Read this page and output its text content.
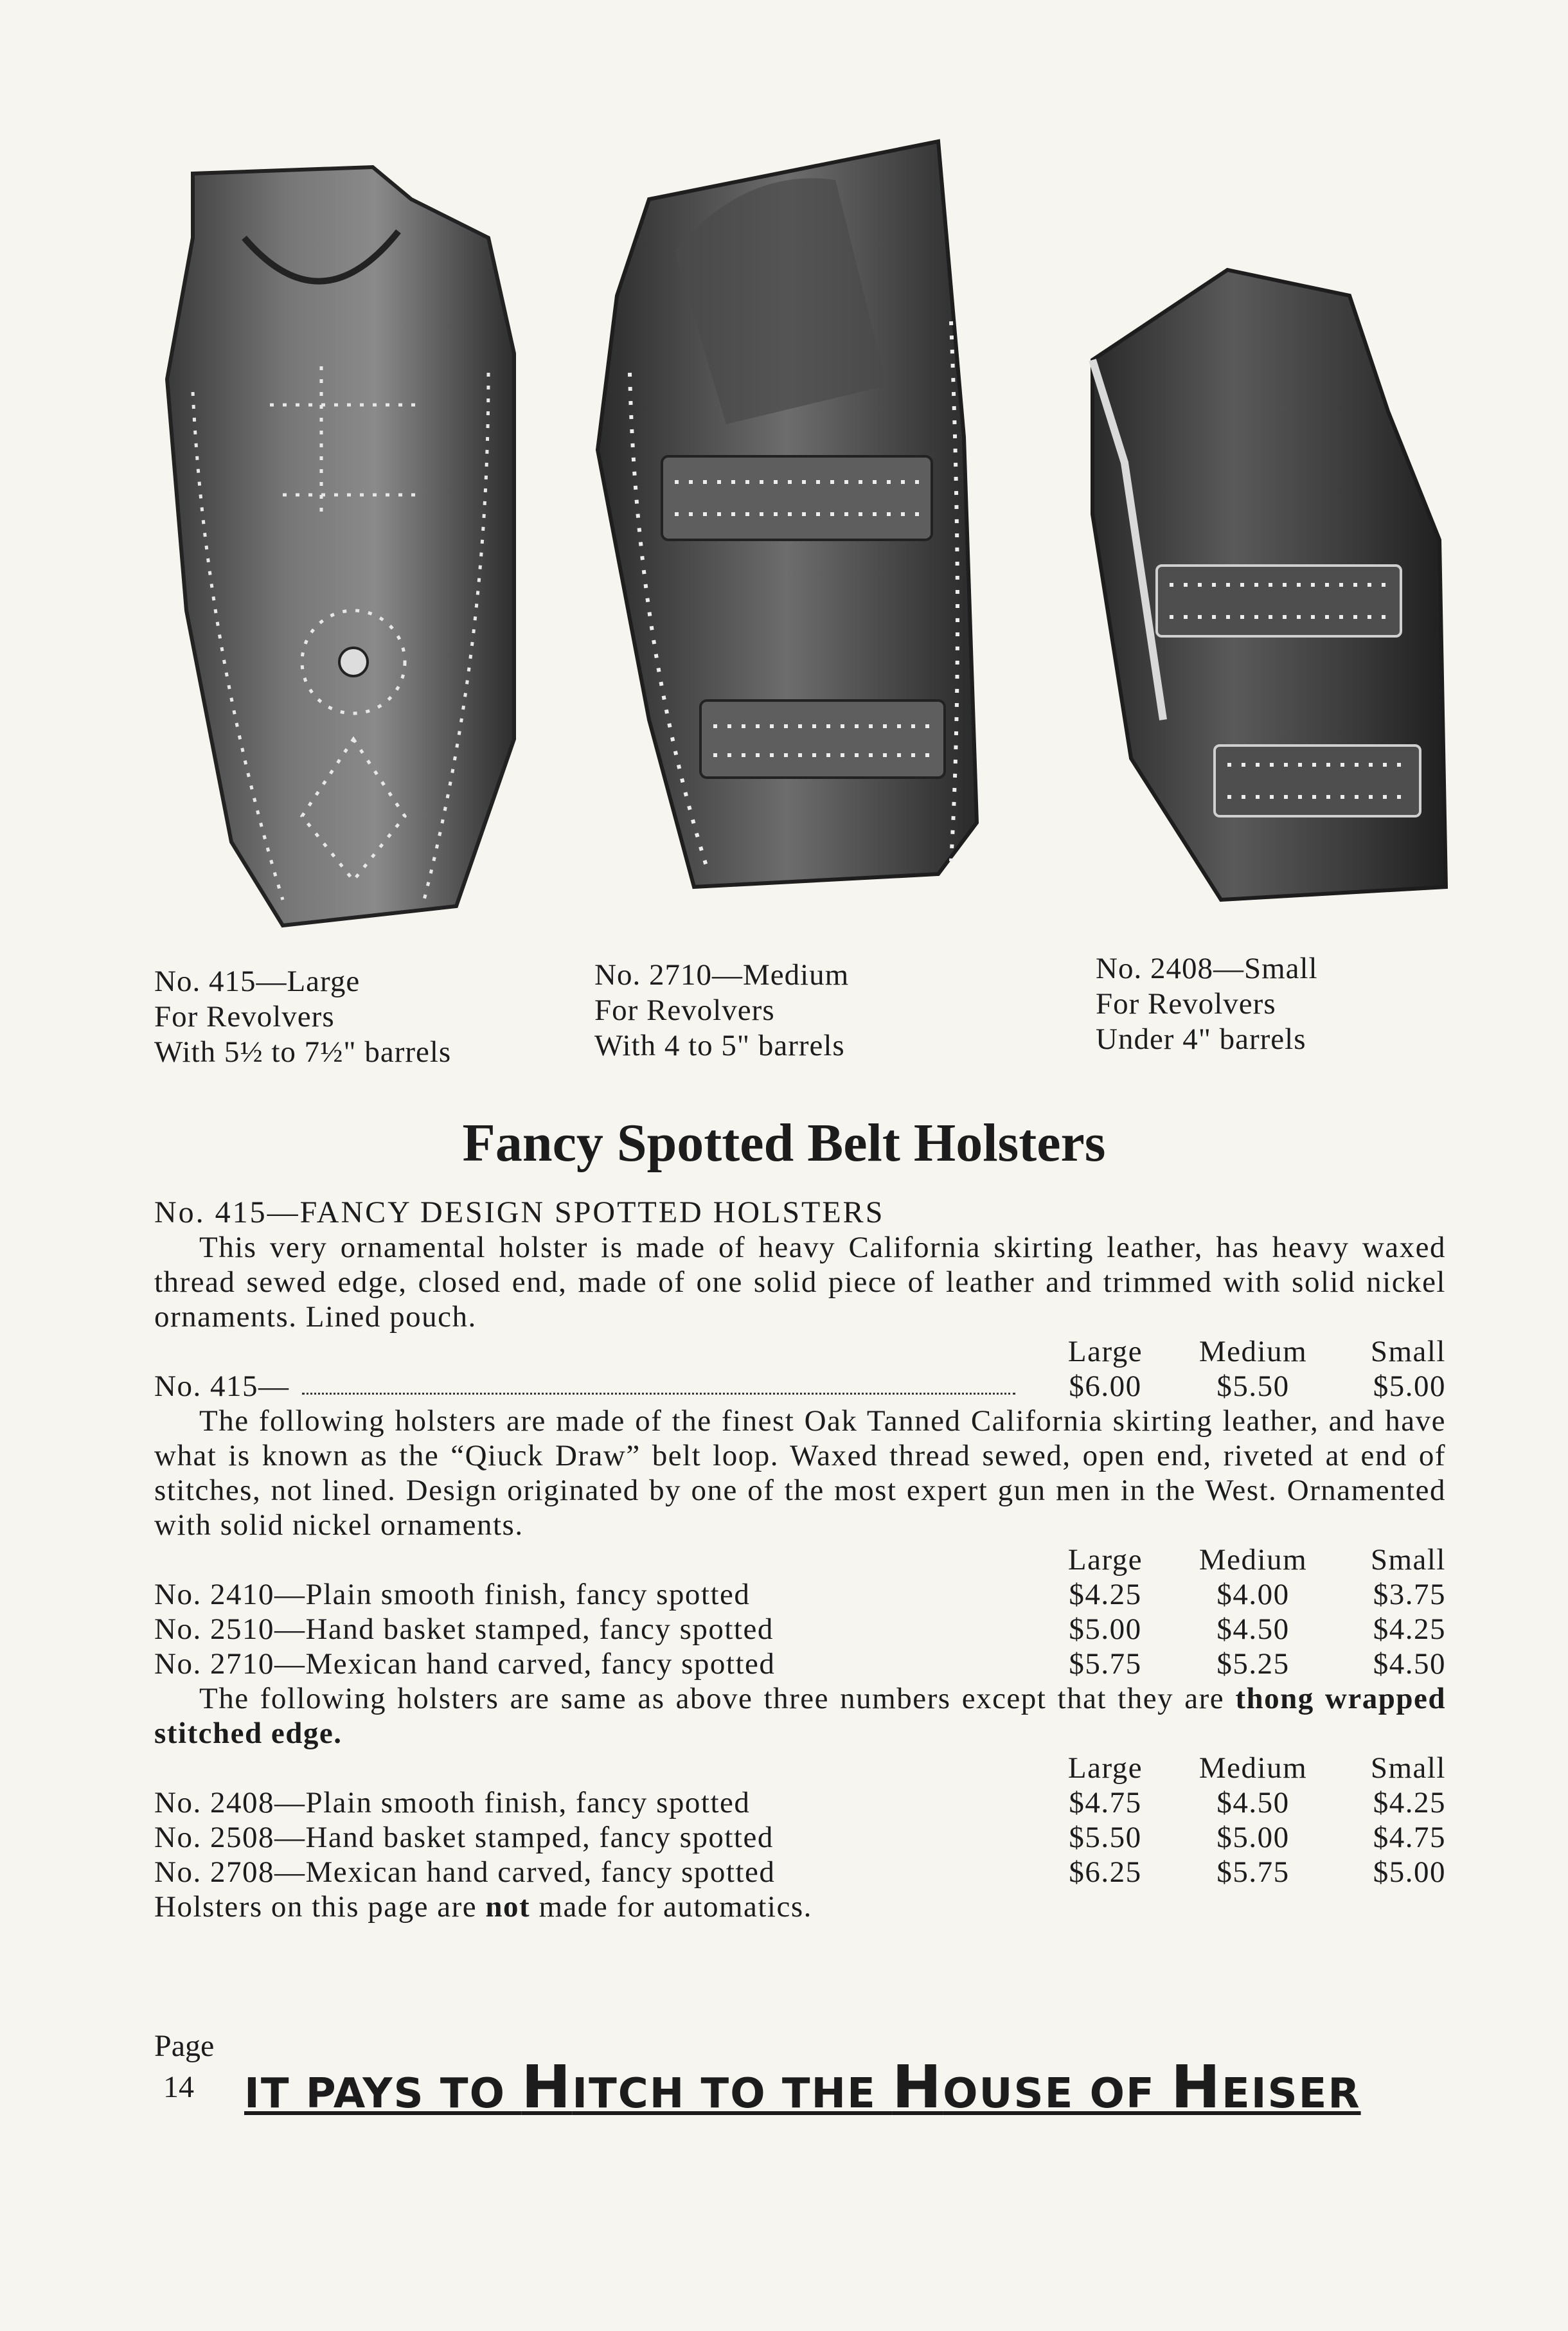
No. 415—Large
For Revolvers
With 5½ to 7½" barrels
No. 2710—Medium
For Revolvers
With 4 to 5" barrels
No. 2408—Small
For Revolvers
Under 4" barrels
Fancy Spotted Belt Holsters
No. 415—FANCY DESIGN SPOTTED HOLSTERS
This very ornamental holster is made of heavy California skirting leather, has heavy waxed thread sewed edge, closed end, made of one solid piece of leather and trimmed with solid nickel ornaments. Lined pouch.
Large	Medium	Small
No. 415—	$6.00	$5.50	$5.00
The following holsters are made of the finest Oak Tanned California skirting leather, and have what is known as the “Qiuck Draw” belt loop. Waxed thread sewed, open end, riveted at end of stitches, not lined. Design originated by one of the most expert gun men in the West. Ornamented with solid nickel ornaments.
Large	Medium	Small
No. 2410—Plain smooth finish, fancy spotted	$4.25	$4.00	$3.75
No. 2510—Hand basket stamped, fancy spotted	$5.00	$4.50	$4.25
No. 2710—Mexican hand carved, fancy spotted	$5.75	$5.25	$4.50
The following holsters are same as above three numbers except that they are thong wrapped stitched edge.
Large	Medium	Small
No. 2408—Plain smooth finish, fancy spotted	$4.75	$4.50	$4.25
No. 2508—Hand basket stamped, fancy spotted	$5.50	$5.00	$4.75
No. 2708—Mexican hand carved, fancy spotted	$6.25	$5.75	$5.00
Holsters on this page are not made for automatics.
Page
14 IT PAYS TO HITCH TO THE HOUSE OF HEISER
